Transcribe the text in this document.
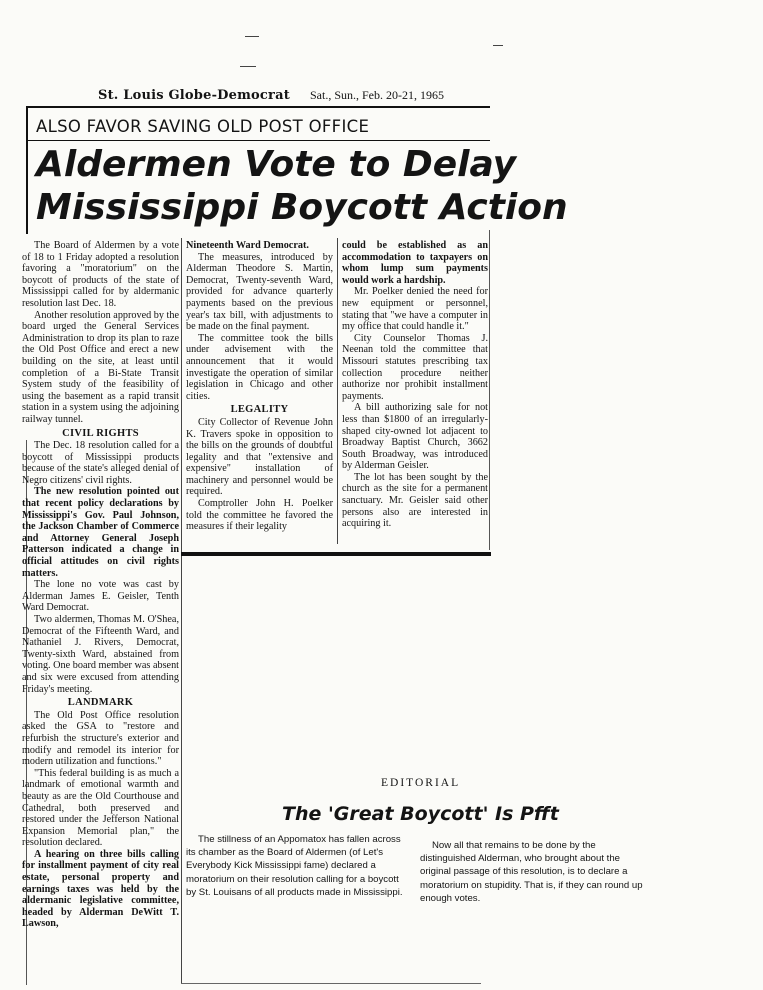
St. Louis Globe-Democrat Sat., Sun., Feb. 20-21, 1965
ALSO FAVOR SAVING OLD POST OFFICE
Aldermen Vote to Delay
Mississippi Boycott Action

The Board of Aldermen by a vote of 18 to 1 Friday adopted a resolution favoring a "moratorium" on the boycott of products of the state of Mississippi called for by aldermanic resolution last Dec. 18.

Another resolution approved by the board urged the General Services Administration to drop its plan to raze the Old Post Office and erect a new building on the site, at least until completion of a Bi-State Transit System study of the feasibility of using the basement as a rapid transit station in a system using the adjoining railway tunnel.

CIVIL RIGHTS

The Dec. 18 resolution called for a boycott of Mississippi products because of the state's alleged denial of Negro citizens' civil rights.

The new resolution pointed out that recent policy declarations by Mississippi's Gov. Paul Johnson, the Jackson Chamber of Commerce and Attorney General Joseph Patterson indicated a change in official attitudes on civil rights matters.

The lone no vote was cast by Alderman James E. Geisler, Tenth Ward Democrat.

Two aldermen, Thomas M. O'Shea, Democrat of the Fifteenth Ward, and Nathaniel J. Rivers, Democrat, Twenty-sixth Ward, abstained from voting. One board member was absent and six were excused from attending Friday's meeting.

LANDMARK

The Old Post Office resolution asked the GSA to "restore and refurbish the structure's exterior and modify and remodel its interior for modern utilization and functions."

"This federal building is as much a landmark of emotional warmth and beauty as are the Old Courthouse and Cathedral, both preserved and restored under the Jefferson National Expansion Memorial plan," the resolution declared.

A hearing on three bills calling for installment payment of city real estate, personal property and earnings taxes was held by the aldermanic legislative committee, headed by Alderman DeWitt T. Lawson,

Nineteenth Ward Democrat.

The measures, introduced by Alderman Theodore S. Martin, Democrat, Twenty-seventh Ward, provided for advance quarterly payments based on the previous year's tax bill, with adjustments to be made on the final payment.

The committee took the bills under advisement with the announcement that it would investigate the operation of similar legislation in Chicago and other cities.

LEGALITY

City Collector of Revenue John K. Travers spoke in opposition to the bills on the grounds of doubtful legality and that "extensive and expensive" installation of machinery and personnel would be required.

Comptroller John H. Poelker told the committee he favored the measures if their legality

could be established as an accommodation to taxpayers on whom lump sum payments would work a hardship.

Mr. Poelker denied the need for new equipment or personnel, stating that "we have a computer in my office that could handle it."

City Counselor Thomas J. Neenan told the committee that Missouri statutes prescribing tax collection procedure neither authorize nor prohibit installment payments.

A bill authorizing sale for not less than $1800 of an irregularly-shaped city-owned lot adjacent to Broadway Baptist Church, 3662 South Broadway, was introduced by Alderman Geisler.

The lot has been sought by the church as the site for a permanent sanctuary. Mr. Geisler said other persons also are interested in acquiring it.

EDITORIAL
The 'Great Boycott' Is Pfft

The stillness of an Appomatox has fallen across its chamber as the Board of Aldermen (of Let's Everybody Kick Mississippi fame) declared a moratorium on their resolution calling for a boycott by St. Louisans of all products made in Mississippi.

Now all that remains to be done by the distinguished Alderman, who brought about the original passage of this resolution, is to declare a moratorium on stupidity. That is, if they can round up enough votes.
